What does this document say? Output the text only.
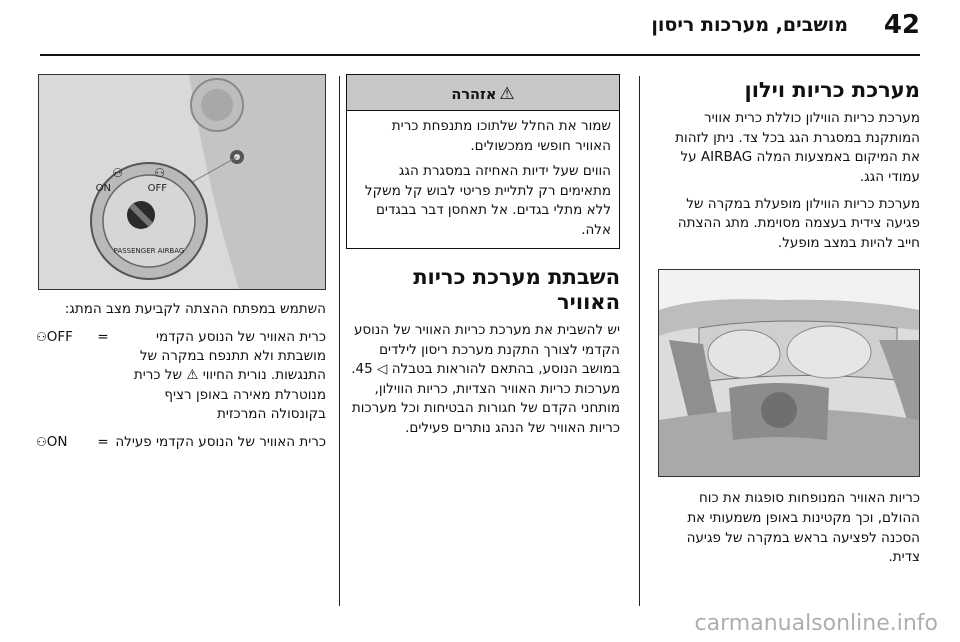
42
מושבים, מערכות ריסון
מערכת כריות וילון

מערכת כריות הווילון כוללת כרית אוויר המותקנת במסגרת הגג בכל צד. ניתן לזהות את המיקום באמצעות המלה AIRBAG על עמודי הגג.

מערכת כריות הווילון מופעלת במקרה של פגיעה צידית בעצמה מסוימת. מתג ההצתה חייב להיות במצב מופעל.

כריות האוויר המנופחות סופגות את כוח ההולם, וכך מקטינות באופן משמעותי את הסכנה לפציעה בראש במקרה של פגיעה צדית.

⚠אזהרה

שמור את החלל שלתוכו מתנפחת כרית האוויר חופשי ממכשולים.

הווים שעל ידיות האחיזה במסגרת הגג מתאימים רק לתליית פריטי לבוש קל משקל ללא מתלי בגדים. אל תאחסן דבר בבגדים אלה.

השבתת מערכת כריות האוויר

יש להשבית את מערכת כריות האוויר של הנוסע הקדמי לצורך התקנת מערכת ריסון לילדים במושב הנוסע, בהתאם להוראות בטבלה ◁ 45. מערכות כריות האוויר הצדיות, כריות הווילון, מותחני הקדם של חגורות הבטיחות וכל מערכות כריות האוויר של הנהג נותרים פעילים.

ON	OFF
PASSENGER AIRBAG
⚇	⚇

השתמש במפתח ההצתה לקביעת מצב המתג:

כרית האוויר של הנוסע הקדמי מושבתת ולא תתנפח במקרה של התנגשות. נורית החיווי ⚠ של כרית מנוטרלת מאירה באופן רציף בקונסולה המרכזית
=
⚇OFF
כרית האוויר של הנוסע הקדמי פעילה
=
⚇ON
carmanualsonline.info
